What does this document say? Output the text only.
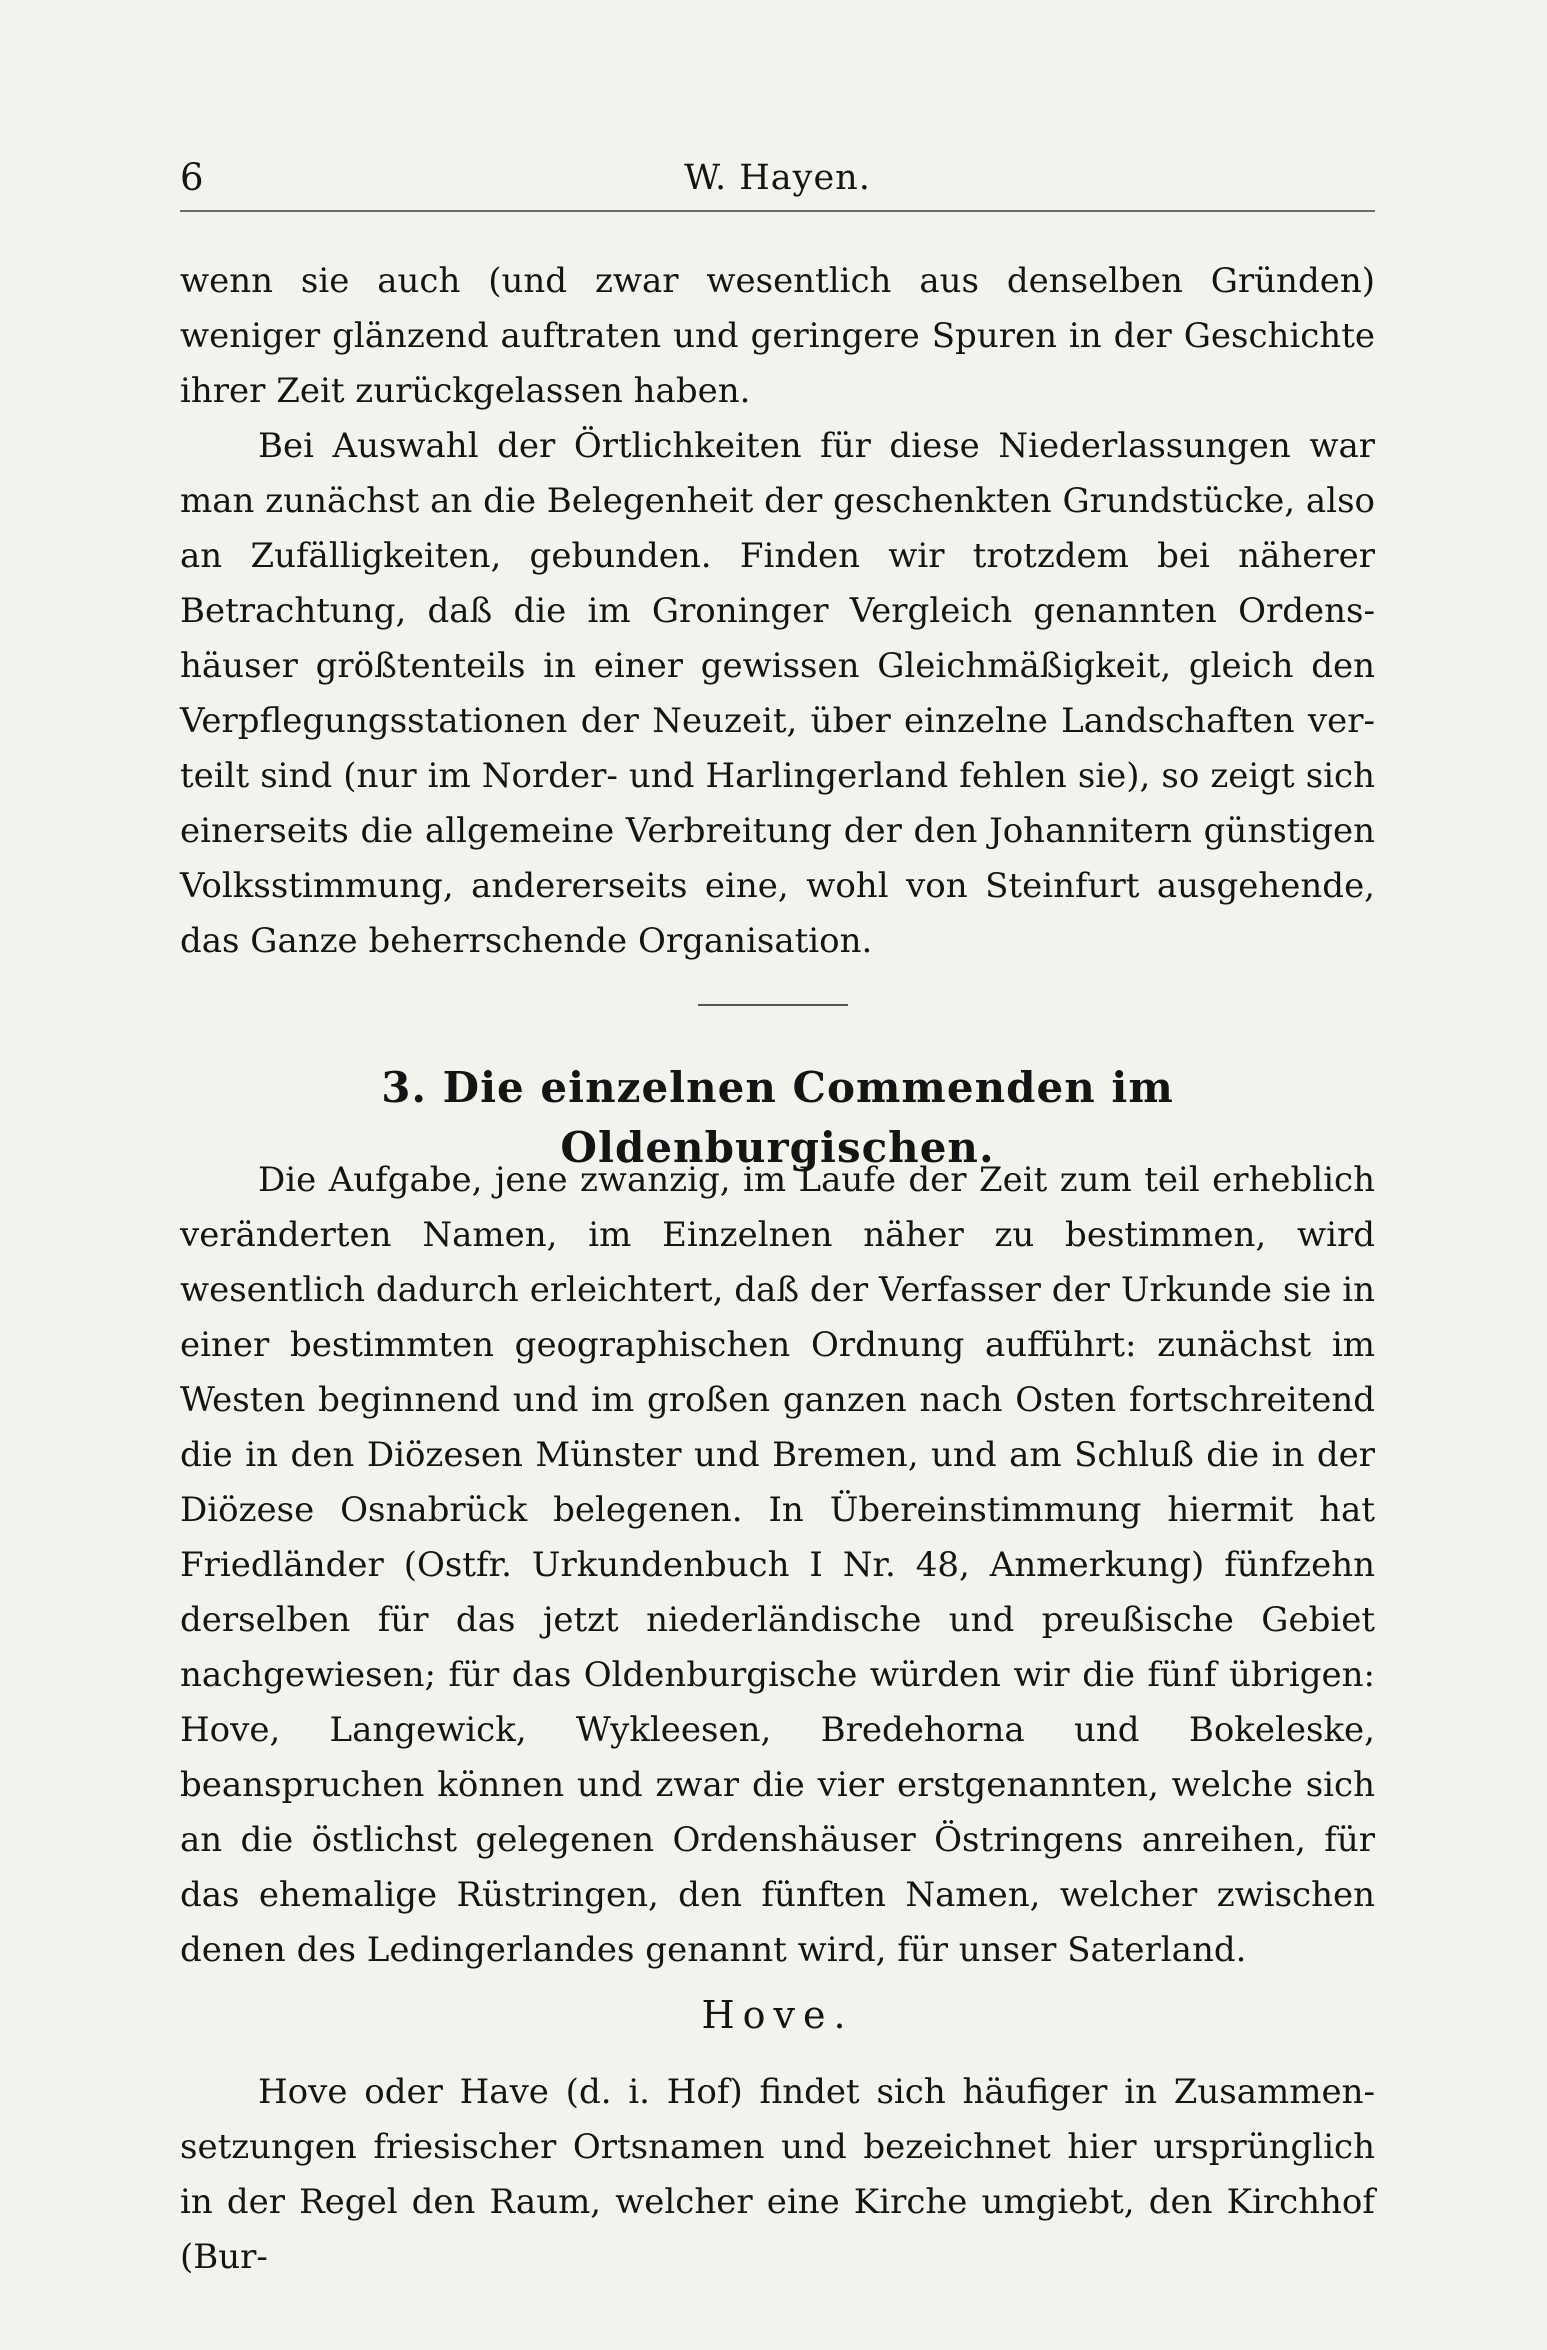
6	W. Hayen.

wenn sie auch (und zwar wesentlich aus denselben Gründen) weniger glänzend auftraten und geringere Spuren in der Geschichte ihrer Zeit zurückgelassen haben.

Bei Auswahl der Örtlichkeiten für diese Niederlassungen war man zunächst an die Belegenheit der geschenkten Grundstücke, also an Zufälligkeiten, gebunden. Finden wir trotzdem bei näherer Betrachtung, daß die im Groninger Vergleich genannten Ordenshäuser größtenteils in einer gewissen Gleichmäßigkeit, gleich den Verpflegungsstationen der Neuzeit, über einzelne Landschaften verteilt sind (nur im Norder- und Harlingerland fehlen sie), so zeigt sich einerseits die allgemeine Verbreitung der den Johannitern günstigen Volksstimmung, andererseits eine, wohl von Steinfurt ausgehende, das Ganze beherrschende Organisation.

3. Die einzelnen Commenden im Oldenburgischen.

Die Aufgabe, jene zwanzig, im Laufe der Zeit zum teil erheblich veränderten Namen, im Einzelnen näher zu bestimmen, wird wesentlich dadurch erleichtert, daß der Verfasser der Urkunde sie in einer bestimmten geographischen Ordnung aufführt: zunächst im Westen beginnend und im großen ganzen nach Osten fortschreitend die in den Diözesen Münster und Bremen, und am Schluß die in der Diözese Osnabrück belegenen. In Übereinstimmung hiermit hat Friedländer (Ostfr. Urkundenbuch I Nr. 48, Anmerkung) fünfzehn derselben für das jetzt niederländische und preußische Gebiet nachgewiesen; für das Oldenburgische würden wir die fünf übrigen: Hove, Langewick, Wykleesen, Bredehorna und Bokeleske, beanspruchen können und zwar die vier erstgenannten, welche sich an die östlichst gelegenen Ordenshäuser Östringens anreihen, für das ehemalige Rüstringen, den fünften Namen, welcher zwischen denen des Ledingerlandes genannt wird, für unser Saterland.

Hove.

Hove oder Have (d. i. Hof) findet sich häufiger in Zusammensetzungen friesischer Ortsnamen und bezeichnet hier ursprünglich in der Regel den Raum, welcher eine Kirche umgiebt, den Kirchhof (Bur-
